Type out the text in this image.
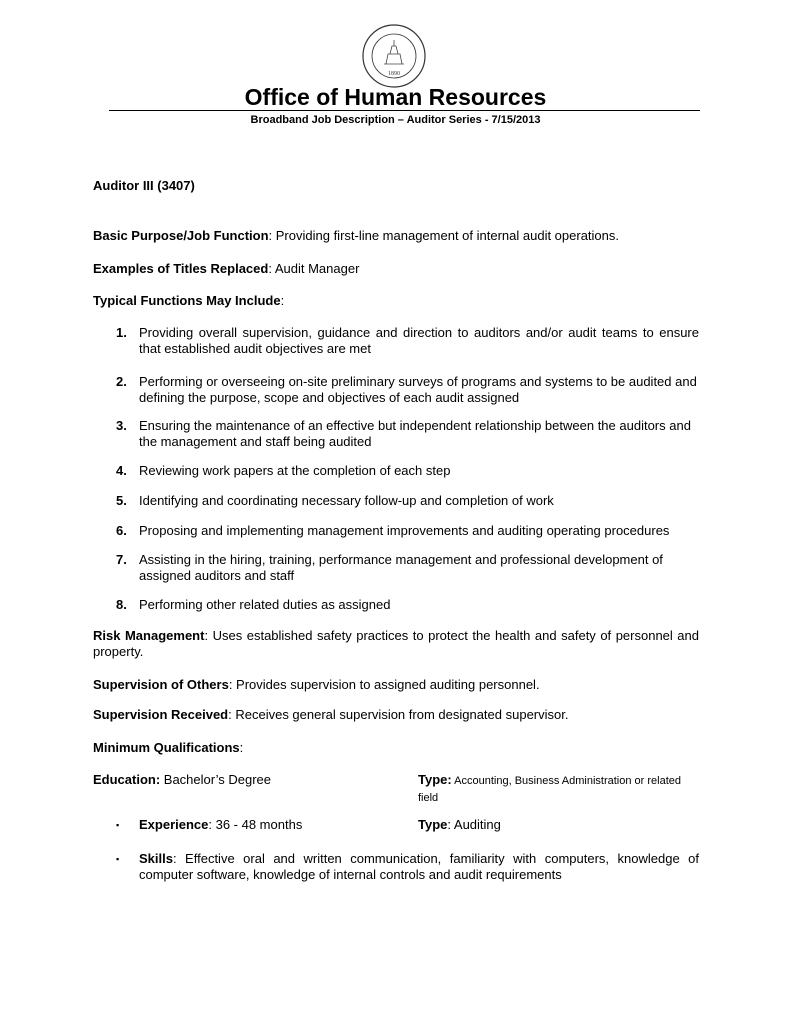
1890
Office of Human Resources
Broadband Job Description – Auditor Series - 7/15/2013
Auditor III (3407)
Basic Purpose/Job Function: Providing first-line management of internal audit operations.
Examples of Titles Replaced: Audit Manager
Typical Functions May Include:
1. Providing overall supervision, guidance and direction to auditors and/or audit teams to ensure that established audit objectives are met
2. Performing or overseeing on-site preliminary surveys of programs and systems to be audited and defining the purpose, scope and objectives of each audit assigned
3. Ensuring the maintenance of an effective but independent relationship between the auditors and the management and staff being audited
4. Reviewing work papers at the completion of each step
5. Identifying and coordinating necessary follow-up and completion of work
6. Proposing and implementing management improvements and auditing operating procedures
7. Assisting in the hiring, training, performance management and professional development of assigned auditors and staff
8. Performing other related duties as assigned
Risk Management: Uses established safety practices to protect the health and safety of personnel and property.
Supervision of Others: Provides supervision to assigned auditing personnel.
Supervision Received: Receives general supervision from designated supervisor.
Minimum Qualifications:
Education: Bachelor’s Degree	Type: Accounting, Business Administration or related field
▪ Experience: 36 - 48 months	Type: Auditing
▪ Skills: Effective oral and written communication, familiarity with computers, knowledge of computer software, knowledge of internal controls and audit requirements
